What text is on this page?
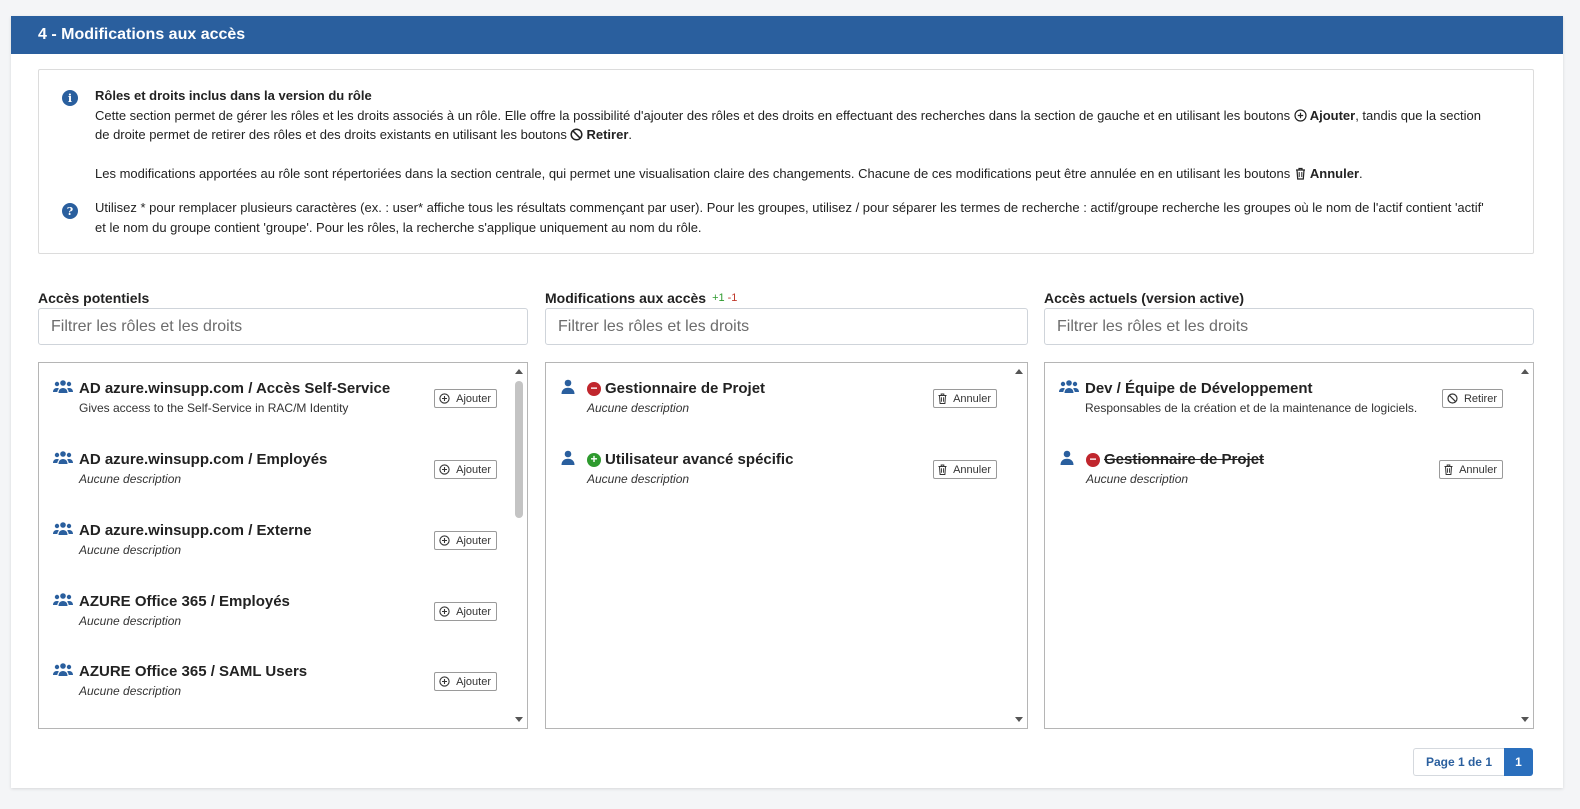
4 - Modifications aux accès
i	Rôles et droits inclus dans la version du rôle
Cette section permet de gérer les rôles et les droits associés à un rôle. Elle offre la possibilité d'ajouter des rôles et des droits en effectuant des recherches dans la section de gauche et en utilisant les boutons Ajouter, tandis que la section de droite permet de retirer des rôles et des droits existants en utilisant les boutons Retirer.
Les modifications apportées au rôle sont répertoriées dans la section centrale, qui permet une visualisation claire des changements. Chacune de ces modifications peut être annulée en en utilisant les boutons Annuler.
?	Utilisez * pour remplacer plusieurs caractères (ex. : user* affiche tous les résultats commençant par user). Pour les groupes, utilisez / pour séparer les termes de recherche : actif/groupe recherche les groupes où le nom de l'actif contient 'actif' et le nom du groupe contient 'groupe'. Pour les rôles, la recherche s'applique uniquement au nom du rôle.
Accès potentiels
Filtrer les rôles et les droits
AD azure.winsupp.com / Accès Self-Service
Gives access to the Self-Service in RAC/M Identity
Ajouter
AD azure.winsupp.com / Employés
Aucune description
Ajouter
AD azure.winsupp.com / Externe
Aucune description
Ajouter
AZURE Office 365 / Employés
Aucune description
Ajouter
AZURE Office 365 / SAML Users
Aucune description
Ajouter
Modifications aux accès +1 -1
Filtrer les rôles et les droits
− Gestionnaire de Projet
Aucune description
Annuler
+ Utilisateur avancé spécific
Aucune description
Annuler
Accès actuels (version active)
Filtrer les rôles et les droits
Dev / Équipe de Développement
Responsables de la création et de la maintenance de logiciels.
Retirer
− Gestionnaire de Projet
Aucune description
Annuler
Page 1 de 1	1
